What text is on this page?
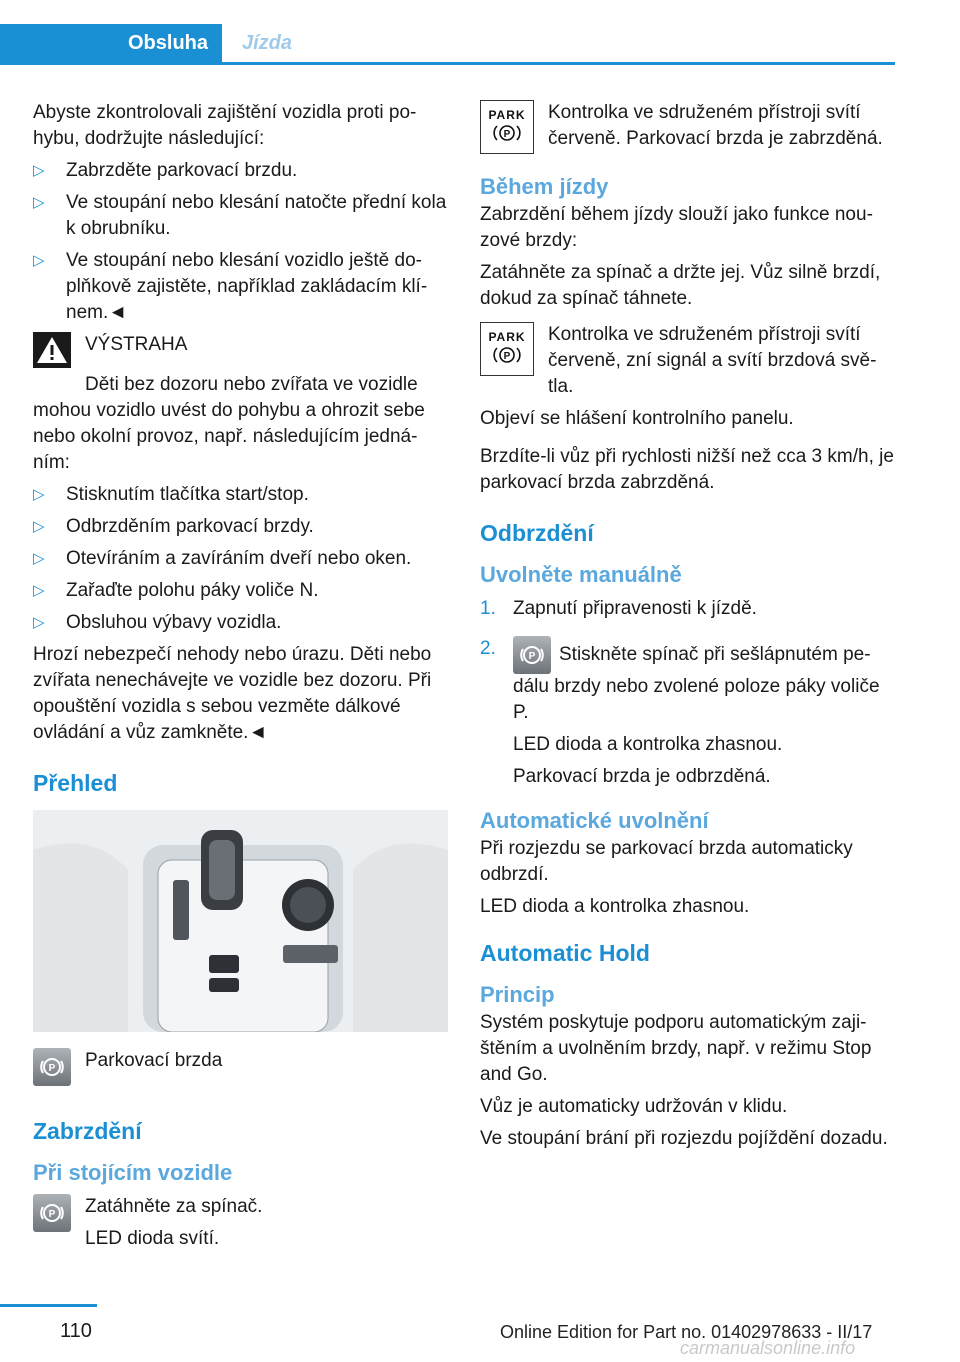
Obsluha Jízda

Abyste zkontrolovali zajištění vozidla proti pohybu, dodržujte následující:

▷ Zabrzděte parkovací brzdu.
▷ Ve stoupání nebo klesání natočte přední kola k obrubníku.
▷ Ve stoupání nebo klesání vozidlo ještě doplňkově zajistěte, například zakládacím klínem.◄
VÝSTRAHA

Děti bez dozoru nebo zvířata ve vozidle mohou vozidlo uvést do pohybu a ohrozit sebe nebo okolní provoz, např. následujícím jednáním:

▷ Stisknutím tlačítka start/stop.
▷ Odbrzděním parkovací brzdy.
▷ Otevíráním a zavíráním dveří nebo oken.
▷ Zařaďte polohu páky voliče N.
▷ Obsluhou výbavy vozidla.

Hrozí nebezpečí nehody nebo úrazu. Děti nebo zvířata nenechávejte ve vozidle bez dozoru. Při opouštění vozidla s sebou vezměte dálkové ovládání a vůz zamkněte.◄

Přehled
P Parkovací brzda
Zabrzdění
Při stojícím vozidle
P Zatáhněte za spínač.
LED dioda svítí.
PARK
P
Kontrolka ve sdruženém přístroji svítí červeně. Parkovací brzda je zabrzděná.
Během jízdy

Zabrzdění během jízdy slouží jako funkce nouzové brzdy:

Zatáhněte za spínač a držte jej. Vůz silně brzdí, dokud za spínač táhnete.

PARK
P
Kontrolka ve sdruženém přístroji svítí červeně, zní signál a svítí brzdová světla.

Objeví se hlášení kontrolního panelu.

Brzdíte-li vůz při rychlosti nižší než cca 3 km/h, je parkovací brzda zabrzděná.

Odbrzdění
Uvolněte manuálně
1. Zapnutí připravenosti k jízdě.
2.	P Stiskněte spínač při sešlápnutém pedálu brzdy nebo zvolené poloze páky voliče P.
LED dioda a kontrolka zhasnou.
Parkovací brzda je odbrzděná.
Automatické uvolnění

Při rozjezdu se parkovací brzda automaticky odbrzdí.

LED dioda a kontrolka zhasnou.

Automatic Hold
Princip

Systém poskytuje podporu automatickým zajištěním a uvolněním brzdy, např. v režimu Stop and Go.

Vůz je automaticky udržován v klidu.

Ve stoupání brání při rozjezdu pojíždění dozadu.

110	Online Edition for Part no. 01402978633 - II/17
carmanualsonline.info
